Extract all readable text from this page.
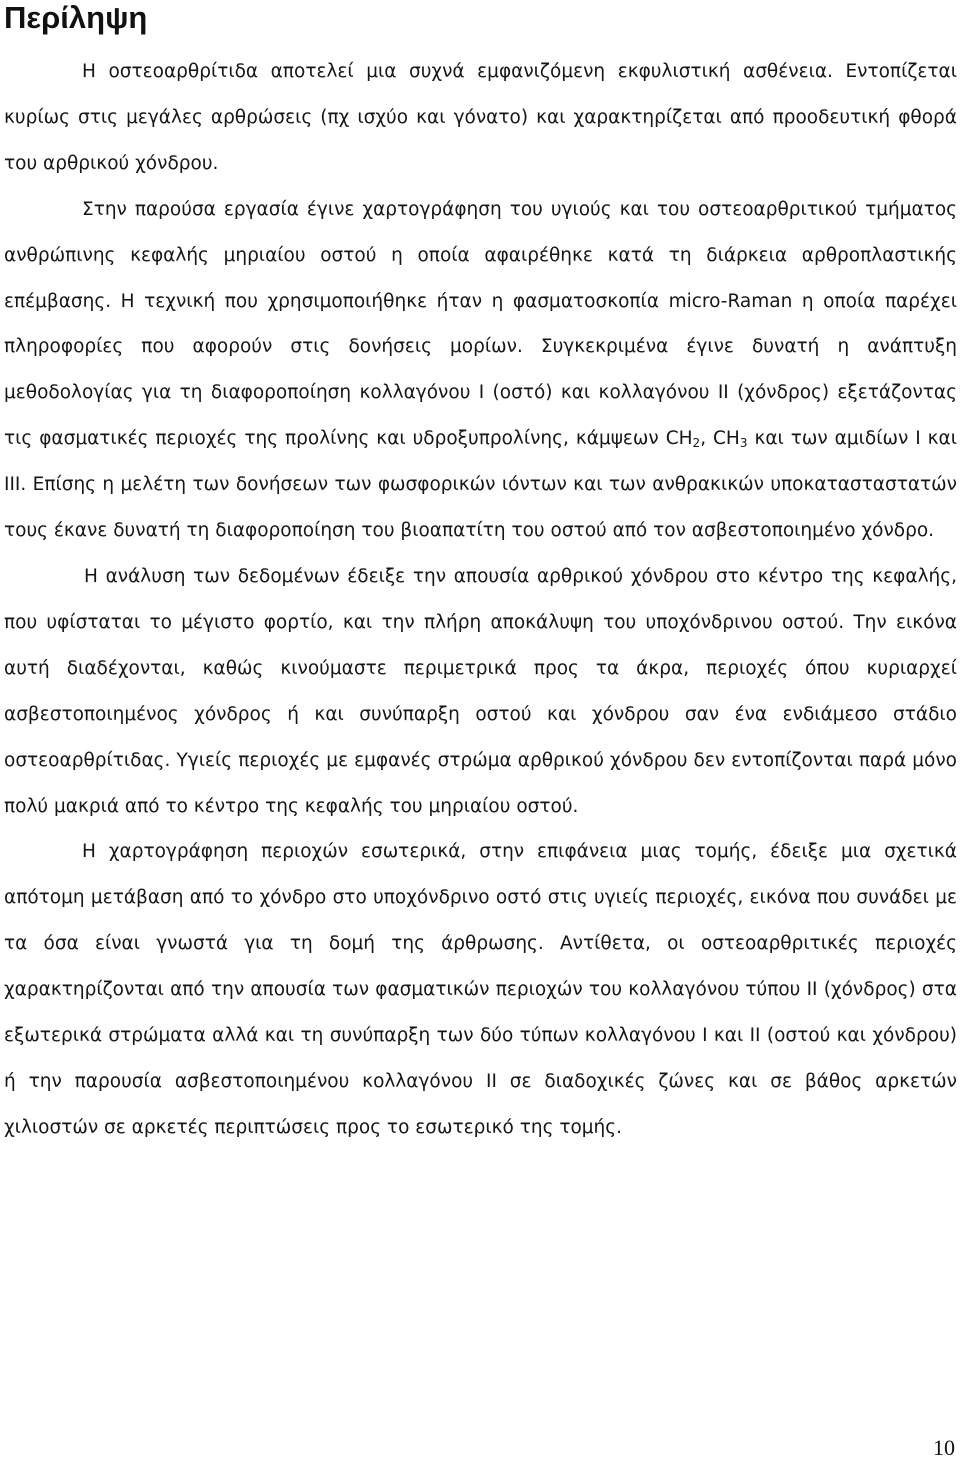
Περίληψη

Η οστεοαρθρίτιδα αποτελεί μια συχνά εμφανιζόμενη εκφυλιστική ασθένεια. Εντοπίζεται κυρίως στις μεγάλες αρθρώσεις (πχ ισχύο και γόνατο) και χαρακτηρίζεται από προοδευτική φθορά του αρθρικού χόνδρου.

Στην παρούσα εργασία έγινε χαρτογράφηση του υγιούς και του οστεοαρθριτικού τμήματος ανθρώπινης κεφαλής μηριαίου οστού η οποία αφαιρέθηκε κατά τη διάρκεια αρθροπλαστικής επέμβασης. Η τεχνική που χρησιμοποιήθηκε ήταν η φασματοσκοπία micro-Raman η οποία παρέχει πληροφορίες που αφορούν στις δονήσεις μορίων. Συγκεκριμένα έγινε δυνατή η ανάπτυξη μεθοδολογίας για τη διαφοροποίηση κολλαγόνου I (οστό) και κολλαγόνου II (χόνδρος) εξετάζοντας τις φασματικές περιοχές της προλίνης και υδροξυπρολίνης, κάμψεων $CH_2$, $CH_3$ και των αμιδίων I και III. Επίσης η μελέτη των δονήσεων των φωσφορικών ιόντων και των ανθρακικών υποκατασταστατών τους έκανε δυνατή τη διαφοροποίηση του βιοαπατίτη του οστού από τον ασβεστοποιημένο χόνδρο.

Η ανάλυση των δεδομένων έδειξε την απουσία αρθρικού χόνδρου στο κέντρο της κεφαλής, που υφίσταται το μέγιστο φορτίο, και την πλήρη αποκάλυψη του υποχόνδρινου οστού. Την εικόνα αυτή διαδέχονται, καθώς κινούμαστε περιμετρικά προς τα άκρα, περιοχές όπου κυριαρχεί ασβεστοποιημένος χόνδρος ή και συνύπαρξη οστού και χόνδρου σαν ένα ενδιάμεσο στάδιο οστεοαρθρίτιδας. Υγιείς περιοχές με εμφανές στρώμα αρθρικού χόνδρου δεν εντοπίζονται παρά μόνο πολύ μακριά από το κέντρο της κεφαλής του μηριαίου οστού.

Η χαρτογράφηση περιοχών εσωτερικά, στην επιφάνεια μιας τομής, έδειξε μια σχετικά απότομη μετάβαση από το χόνδρο στο υποχόνδρινο οστό στις υγιείς περιοχές, εικόνα που συνάδει με τα όσα είναι γνωστά για τη δομή της άρθρωσης. Αντίθετα, οι οστεοαρθριτικές περιοχές χαρακτηρίζονται από την απουσία των φασματικών περιοχών του κολλαγόνου τύπου II (χόνδρος) στα εξωτερικά στρώματα αλλά και τη συνύπαρξη των δύο τύπων κολλαγόνου I και II (οστού και χόνδρου) ή την παρουσία ασβεστοποιημένου κολλαγόνου II σε διαδοχικές ζώνες και σε βάθος αρκετών χιλιοστών σε αρκετές περιπτώσεις προς το εσωτερικό της τομής.

10
